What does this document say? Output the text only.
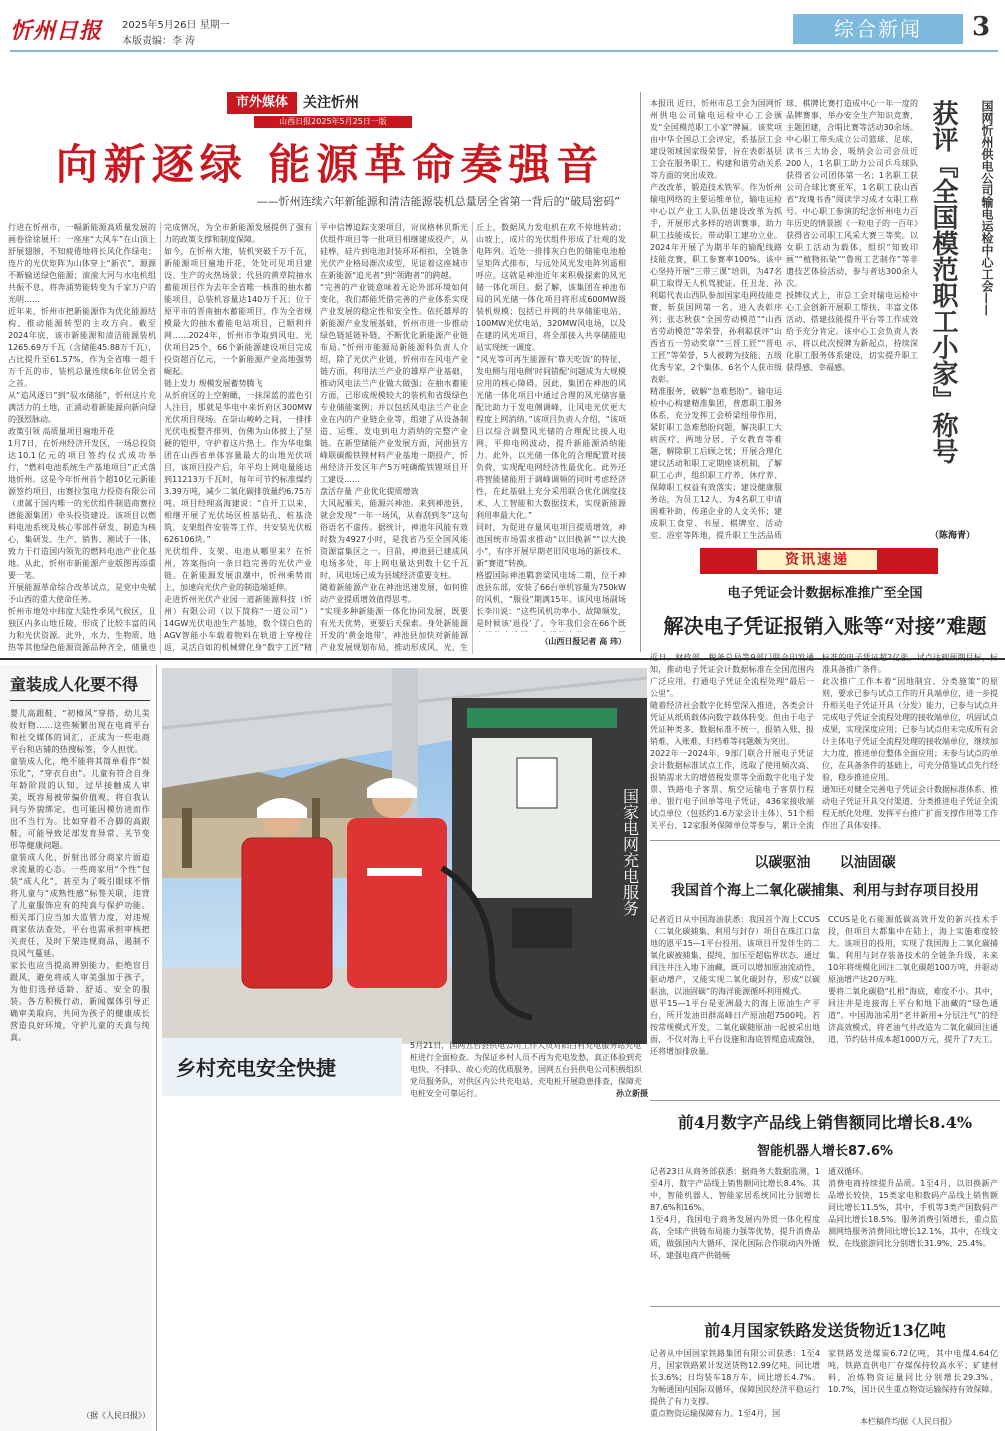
忻州日报 2025年5月26日 星期一
本版责编：李 涛
综合新闻	3
市外媒体	关注忻州
山西日报2025年5月25日一版
向新逐绿 能源革命奏强音
——忻州连续六年新能源和清洁能源装机总量居全省第一背后的“破局密码”
行进在忻州市，一幅新能源高质量发展的画卷徐徐展开：一座座“大风车”在山顶上舒展翅膀，不知疲倦地将长风化作绿电；连片的光伏矩阵为山体穿上“新衣”，源源不断输送绿色能源；滚滚大河与水电机组共振不息，将奔涌势能转变为千家万户的光明……
近年来，忻州市把新能源作为优化能源结构、推动能源转型的主攻方向。截至2024年底，该市新能源和清洁能源装机1265.69万千瓦（含储能45.88万千瓦），占比提升至61.57%，作为全省唯一超千万千瓦的市，装机总量连续6年位居全省之首。
从“追风逐日”到“驭水储能”，忻州这片充满活力的土地，正涌动着新能源向新向绿的强烈脉动。
政策引领 高质量项目遍地开花
1月7日，在忻州经济开发区，一场总投资达10.1亿元的项目签约仪式成功举行，“燃料电池系统生产基地项目”正式落地忻州。这是今年忻州首个超10亿元新能源签约项目，由赛拉氢电力投资有限公司（隶属于国内唯一的光伏组件制造商赛拉德能源集团）牵头投资建设。该项目以燃料电池系统及核心零部件研发、制造为核心，集研发、生产、销售、测试于一体，致力于打造国内领先的燃料电池产业化基地。从此，忻州市新能源产业版图再添重要一笔。
开展能源革命综合改革试点，是党中央赋予山西的重大使命任务。
忻州市地处中纬度大陆性季风气候区，且独区内多山地丘陵，形成了比较丰富的风力和光伏资源。此外，水力、生物质、地热等其他绿色能源资源品种齐全，储量也

完成情况，为全市新能源发展提供了强有力的政策支撑和制度保障。
如今，在忻州大地，装机突破千万千瓦，新能源项目遍地开花，处处可见项目建设、生产的火热场景；代县的黄草院抽水蓄能项目作为去年全省唯一核准的抽水蓄能项目，总装机容量达140万千瓦；位于原平市的晋南抽水蓄能项目，作为全省规模最大的抽水蓄能电站项目，已顺利并网……2024年，忻州市争取到风电、光伏项目25个，66个新能源建设项目完成投资超百亿元，一个新能源产业高地强势崛起。
链上发力 规模发展蓄势腾飞
从忻府区的上空俯瞰，一抹深蓝的蓝色引人注目，那就是华电中来忻府区300MW光伏项目现场。在崇山峻岭之间，一排排光伏电板整齐排列，仿佛为山体披上了坚硬的铠甲，守护着这片热土。作为华电集团在山西省单体容量最大的山地光伏项目，该项目投产后，年平均上网电量能达到11213万千瓦时，每年可节约标准煤约3.39万吨，减少二氧化碳排放量约6.75万吨。项目经理高海建说：“自开工以来，相继开展了光伏场区桩基钻孔、桩基浇筑、支架组件安装等工作，共安装光伏板626106块。”
光伏组件、支架、电池从哪里来？在忻州，答案指向一条日趋完善的光伏产业链。在新能源发展浪潮中，忻州乘势而上，加速向光伏产业的制造端延伸。
走进忻州光伏产业园一道新能源科技（忻州）有限公司（以下简称“一道公司”）14GW光伏电池生产基地，数个镁白色的AGV智能小车载着物料在轨道上穿梭往返，灵活自如的机械臂化身“数字工匠”精

平中信博追踪支架项目，岢岚格林贝斯光伏组件项目等一批项目相继建成投产，从硅棒，硅片到电池封装环环相扣，全链条光伏产业格局渐次成型，见证着这座城市在新能源“追光者”到“领跑者”的跨越。
“完善的产业链意味着无论外部环境如何变化，我们都能凭借完善的产业体系实现产业发展的稳定性和安全性。依托雄厚的新能源产业发展基础，忻州市进一步推动绿色链延链补链，不断优化新能源产业链布局。”忻州市能源局新能源科负责人介绍，除了光伏产业链，忻州市在风电产业链方面，利用法兰产业的雄厚产业基础，推动风电法兰产业做大做强；在抽水蓄能方面，已形成规模较大的装机和省级绿色专业储能案例；并以包括风电法兰产业企业在内的产业链企业等，组建了从设备制造、运维、发电到电力消纳的完整产业链。在新型储能产业发展方面，河曲县方峰联碳酸铁锂材料产业基地一期投产，忻州经济开发区年产5万吨磷酸铁锂项目开工建设……
盘活存量 产业优化提质增效
大风起雁关，能源兴神池。来到神池县，就会发现“一年一场风，从春刮到冬”这句俗语名不虚传。据统计，神池年风能有效时数为4927小时，是我省乃至全国风能资源富集区之一。目前，神池县已建成风电场多处，年上网电量达到数十亿千瓦时，风电场已成为县域经济重要支柱。
随着新能源产业在神池迅速发展，如何推动产业提质增效值得思考。
“实现多种新能源一体化协同发展，既要有光天优势，更要后天探索。身处新能源开发的‘黄金地带’，神池县加快对新能源产业发展规划布局，推动形成风、光、生

丘上，数据风力发电机在欢不停地转动；山坡上，成片的光伏组件形成了壮观的发电阵列。近处一排排灰白色的储能电池舱呈矩阵式排布，与远处风光发电阵列遥相呼应。这就是神池近年来积极探索的风光储一体化项目。据了解，该集团在神池布局的风光储一体化项目将形成600MW级装机规模；包括已并网的共享储能电站、100MW光伏电站、320MW风电场，以及在建的风光项目，将全部接入共享储能电站实现统一调度。
“风光等可再生能源有‘靠天吃饭’的特征，发电侧与用电侧‘时间错配’问题成为大规模应用的核心障碍。因此，集团在神池的风光储一体化项目中通过合理的风光储容量配比助力于发电侧调峰，让风电光伏更大程度上网消纳。”该项目负责人介绍，“该项目以综合调整风光储的合理配比接入电网，平抑电网波动，提升新能源消纳能力。此外，以光储一体化的合理配置对接负荷，实现配电网经济性最优化。此外还将智能储能用于调峰调频的同时考虑经济性，在此基础上充分采用联合优化调度技术、人工智能和大数据技术，实现新能源利用率最大化。”
同时，为促进存量风电项目提质增效，神池国统市场需求推动“以旧换新”“以大换小”，有序开展早期老旧风电场的新技术、新“赛道”转换。
格盟国际神池羁套梁风电场二期，位于神池县东部，安装了66台单机容量为750kW的风机，“服役”期满15年。该风电场副场长李川说：“这些风机功率小、故障频发，是时候该‘退役’了。今年我们会在66个既

（山西日报记者 高 玮）
本报讯 近日，忻州市总工会为国网忻州供电公司输电运检中心工会颁发“全国模范职工小家”牌匾。该奖项由中华全国总工会评定，系基层工会建设领域国家级荣誉，旨在表彰基层工会在服务职工、构建和谐劳动关系等方面的突出成效。
产改改革，锻造技术铁军。作为忻州输电网络的主要运维单位，输电运检中心以产业工人队伍建设改革为抓手，开展形式多样的培训赛事，助力职工技能成长。带动职工建功立业。2024年开展了为期半年的输配线路技能竞赛，职工参赛率100%。该中心坚持开展“三带三课”培训，为47名职工取得无人机驾驶证。任丑龙、孙利聪代表山西队参加国家电网技能竞赛，斩获国网第一名，进入表彰序列；张志秋获“全国劳动模范”“山西省劳动模范”等荣誉，孙利聪获评“山西省五一劳动奖章”“三晋工匠”“晋电工匠”等荣誉，5人被聘为技能、五级优秀专家，2个集体、6名个人获市级表彰。
精准服务，破解“急难愁盼”。输电运检中心构建精准集团，普惠职工服务体系，充分发挥工会桥梁纽带作用，紧盯职工急难愁盼问题，解决职工大病医疗、两地分居、子女教育等难题，解除职工后顾之忧；开展合理化建议活动和职工定期座谈机制，了解职工心声，组织职工疗养、休疗养、保障职工权益有效落实；建设健康服务站，为员工12人、为4名职工申请困难补助，传递企业的人文关怀；建成职工食堂、书屋、棋牌室、活动室、浴室等阵地，提升职工生活品质

球、棋牌比赛打造成中心一年一度的品牌赛事，举办安全生产知识竞赛，主题团建，合唱比赛等活动30余场。中心职工带头成立公司篮球、足球，读书三大协会，吸纳会公司会员近200人，1名职工助力公司乒乓球队获得省公司团体第一名；1名职工获公司合球比赛亚军，1名职工获山西省“玫瑰书香”阅读学习成才女职工称号。中心职工参演的纪念忻州电力百年历史的情景剧《一粒电子的一百年》获得省公司职工风采大赛三等奖。以女职工活动为载体，组织“知致印画”“植物拓染”“鲁班工艺制作”等非遗技艺体验活动，参与者达300余人次。
授牌仪式上，市总工会对输电运检中心工会创新开展职工帮扶、丰富文体活动、搭建技能提升平台等工作成效给予充分肯定。该中心工会负责人表示，将以此次授牌为新起点，持续深化职工服务体系建设，切实提升职工获得感、幸福感。
（陈海青）
获评『全国模范职工小家』称号	国网忻州供电公司输电运检中心工会——
资讯速递
电子凭证会计数据标准推广至全国
解决电子凭证报销入账等“对接”难题
近日，财政部、税务总局等9部门联合印发通知，推动电子凭证会计数据标准在全国范围内广泛应用，打通电子凭证全流程处理“最后一公里”。
随着经济社会数字化转型深入推进，各类会计凭证从纸质载体向数字载体转变。但由于电子凭证种类多、数据标准不统一，报销入账、报销难、入账难、归档难等问题颇为突出。
2022年一2024年，9部门联合开展电子凭证会计数据标准试点工作，选取了使用频次高、报销需求大的增值税发票等全面数字化电子发票、铁路电子客票、航空运输电子客票行程单、银行电子回单等电子凭证，436家接收端试点单位（包括约1.6万家会计主体）、51个相关平台、12家服务保障单位等参与，累计全流
标准的电子凭证超2亿张。试点达到预期目标，标准具备推广条件。
此次推广工作本着“因地制宜、分类施策”的原则，要求已参与试点工作的开具端单位，进一步提升相关电子凭证开具（分发）能力，已参与试点并完成电子凭证全流程处理的接收端单位，巩固试点成果，实现深度应用；已参与试点但未完成所有会计主体电子凭证全流程处理的接收端单位，继续加大力度，推进单位整体全面应用；未参与试点的单位，在具备条件的基础上，可充分借鉴试点先行经验，稳步推进应用。
通知还对健全完善电子凭证会计数据标准体系、推动电子凭证开具交付渠道、分类推进电子凭证全流程无纸化处理、发挥平台推广扩面支撑作用等工作作出了具体安排。
以碳驱油      以油固碳
我国首个海上二氧化碳捕集、利用与封存项目投用
记者近日从中国海油获悉：我国首个海上CCUS（二氧化碳捕集、利用与封存）项目在珠江口盆地的恩平15—1平台投用。该项目开发伴生的二氧化碳被捕集、提纯、加压至超临界状态，通过回注井注入地下油藏，既可以增加原油流动性，驱动增产，又能实现二氧化碳封存，形成“以碳驱油，以油固碳”的海洋能源循环利用模式。
恩平15—1平台是亚洲最大的海上原油生产平台，所开发油田群高峰日产原油超7500吨。若按常规模式开发，二氧化碳随原油一起被采出地面，不仅对海上平台设施和海底管缆造成腐蚀，还将增加排放量。
CCUS是化石能源低碳高效开发的新兴技术手段，但项目大都集中在陆上，海上实施难度较大。该项目的投用，实现了我国海上二氧化碳捕集、利用与封存装备技术的全链条升级，未来10年将规模化回注二氧化碳超100万吨，并驱动原油增产达20万吨。
要将二氧化碳稳“扎根”海底，难度不小。其中，回注井是连接海上平台和地下油藏的“绿色通道”。中国海油采用“老井新用+分层注气”的经济高效模式，将老油气井改造为二氧化碳回注通道，节约钻井成本超1000万元，提升了7天工。
前4月数字产品线上销售额同比增长8.4%
智能机器人增长87.6%
记者23日从商务部获悉：据商务大数据监测，1至4月，数字产品线上销售额同比增长8.4%。其中，智能机器人、智能家居系统同比分别增长87.6%和16%。
1至4月，我国电子商务发展内外贸一体化程度高，全球产供链布局能力强等优势，提升消费品质，做强国内大循环，深化国际合作联动内外循环，建强电商产供链畅
通双循环。
消费电商持续提升品质。1至4月，以旧换新产品增长较快，15类家电和数码产品线上销售额同比增长11.5%，其中，手机等3类产国数码产品同比增长18.5%。服务消费引领增长，重点监测网络服务消费同比增长12.1%，其中，在线文娱、在线旅游同比分别增长31.9%、25.4%。
前4月国家铁路发送货物近13亿吨
记者从中国国家铁路集团有限公司获悉：1至4月，国家铁路累计发送货物12.99亿吨，同比增长3.6%；日均装车18万车，同比增长4.7%。为畅通国内国际双循环，保障国民经济平稳运行提供了有力支撑。
重点物资运输保障有力。1至4月，国
家铁路发送煤炭6.72亿吨，其中电煤4.64亿吨，铁路直供电厂存煤保持较高水平；矿建材料，冶炼物资运量同比分别增长29.3%、10.7%，国计民生重点物资运输保持有效保障。
本栏稿件均据《人民日报》
童装成人化要不得
婴儿高跟鞋、“初樟风”穿搭、幼儿美妆好物……这些频繁出现在电商平台和社交媒体的词汇，正成为一些电商平台和店铺的热搜标签，令人担忧。
童装成人化，绝不能将其简单看作“娱乐化”，“穿衣自由”。儿童有符合自身年龄阶段的认知，过早接触成人审美，既容易被带偏价值观，将自我认同与外貌绑定，也可能因模仿进而作出不当行为。比如穿着不合脚的高跟鞋，可能导致足部发育异常、关节变形等健康问题。
童装成人化，折射出部分商家片面追求流量的心态。一些商家用“个性”包装“成人化”，甚至为了吸引眼球不惜将儿童与“成熟性感”标签关联，违背了儿童服饰应有的纯真与保护功能。相关部门应当加大监管力度，对违规商家依法查处，平台也需承担审核把关责任，及时下架违规商品，遏制不良风气蔓延。
家长也应当提高辨别能力，拒绝盲目跟风，避免将成人审美强加于孩子，为他们选择适龄、舒适、安全的服装。各方积极行动，新闻媒体引导正确审美取向，共同为孩子的健康成长营造良好环境，守护儿童的天真与纯真。
（据《人民日报》）
国家电网充电服务
乡村充电安全快捷
5月21日，国网五台县供电公司工作人员对阳白村充电服务站充电桩进行全面检查。为保证乡村人员不再为充电发愁，真正体验到充电快、不排队、故心充的优质服务，国网五台县供电公司积极组织党员服务队，对供区内公共充电站、充电桩开展隐患排查，保障充电桩安全可靠运行。	孙立新摄
